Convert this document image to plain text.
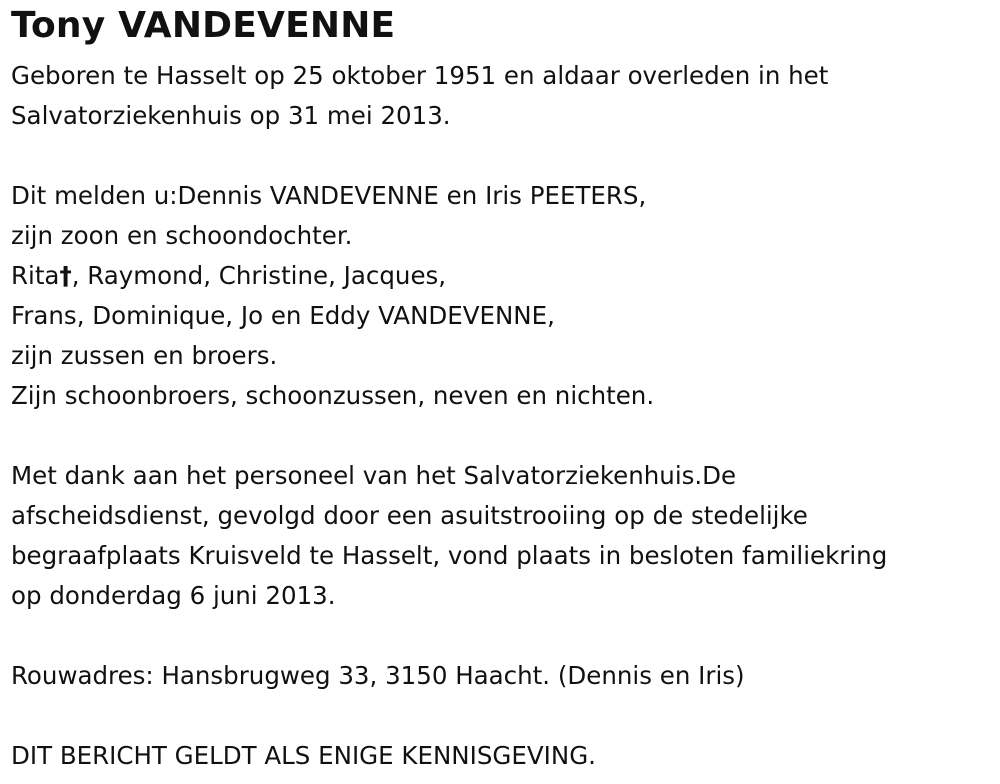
Tony VANDEVENNE
Geboren te Hasselt op 25 oktober 1951 en aldaar overleden in het
Salvatorziekenhuis op 31 mei 2013.
Dit melden u:Dennis VANDEVENNE en Iris PEETERS,
zijn zoon en schoondochter.
Rita†, Raymond, Christine, Jacques,
Frans, Dominique, Jo en Eddy VANDEVENNE,
zijn zussen en broers.
Zijn schoonbroers, schoonzussen, neven en nichten.
Met dank aan het personeel van het Salvatorziekenhuis.De
afscheidsdienst, gevolgd door een asuitstrooiing op de stedelijke
begraafplaats Kruisveld te Hasselt, vond plaats in besloten familiekring
op donderdag 6 juni 2013.
Rouwadres: Hansbrugweg 33, 3150 Haacht. (Dennis en Iris)
DIT BERICHT GELDT ALS ENIGE KENNISGEVING.
